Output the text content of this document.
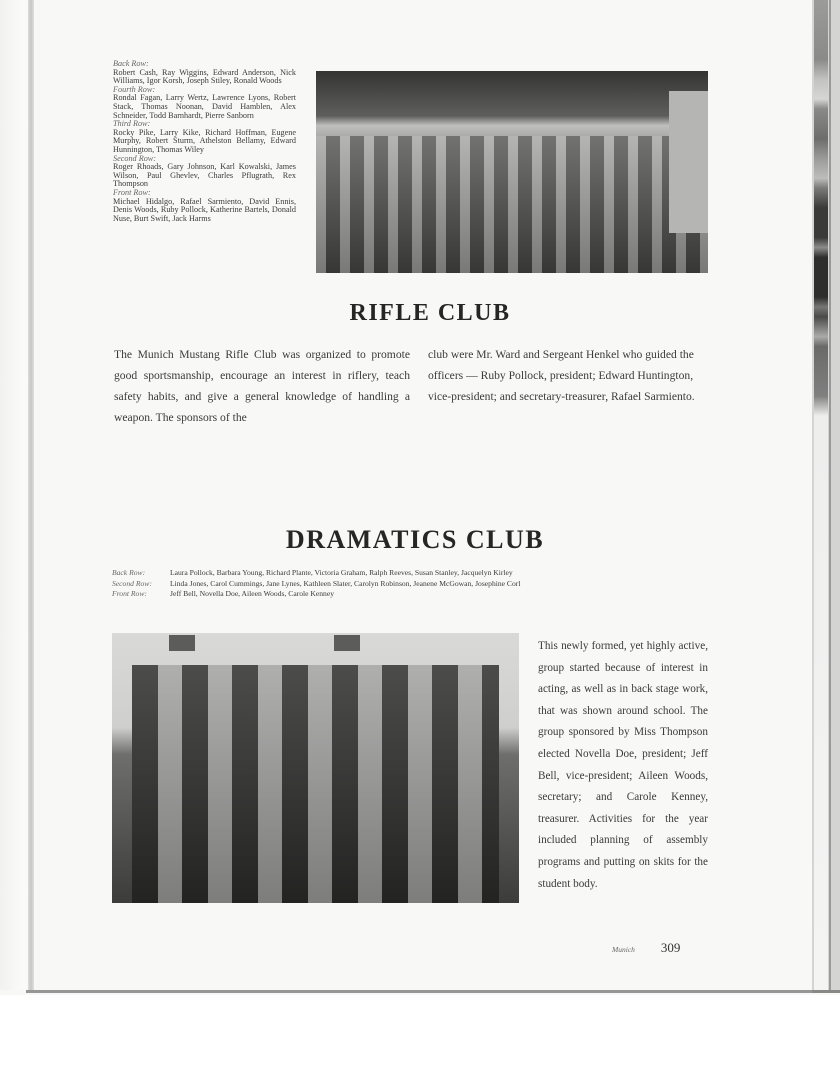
Back Row:
Robert Cash, Ray Wiggins, Edward Anderson, Nick Williams, Igor Korsh, Joseph Stiley, Ronald Woods
Fourth Row:
Rondal Fagan, Larry Wertz, Lawrence Lyons, Robert Stack, Thomas Noonan, David Hamblen, Alex Schneider, Todd Barnhardt, Pierre Sanborn
Third Row:
Rocky Pike, Larry Kike, Richard Hoffman, Eugene Murphy, Robert Sturm, Athelston Bellamy, Edward Hunnington, Thomas Wiley
Second Row:
Roger Rhoads, Gary Johnson, Karl Kowalski, James Wilson, Paul Ghevlev, Charles Pflugrath, Rex Thompson
Front Row:
Michael Hidalgo, Rafael Sarmiento, David Ennis, Denis Woods, Ruby Pollock, Katherine Bartels, Donald Nuse, Burt Swift, Jack Harms
RIFLE CLUB

The Munich Mustang Rifle Club was organized to promote good sportsmanship, encourage an interest in riflery, teach safety habits, and give a general knowledge of handling a weapon. The sponsors of the

club were Mr. Ward and Sergeant Henkel who guided the officers — Ruby Pollock, president; Edward Huntington, vice-president; and secretary-treasurer, Rafael Sarmiento.

DRAMATICS CLUB
Back Row:	Laura Pollock, Barbara Young, Richard Plante, Victoria Graham, Ralph Reeves, Susan Stanley, Jacquelyn Kirley
Second Row:	Linda Jones, Carol Cummings, Jane Lynes, Kathleen Slater, Carolyn Robinson, Jeanene McGowan, Josephine Corl
Front Row:	Jeff Bell, Novella Doe, Aileen Woods, Carole Kenney

This newly formed, yet highly active, group started because of interest in acting, as well as in back stage work, that was shown around school. The group sponsored by Miss Thompson elected Novella Doe, president; Jeff Bell, vice-president; Aileen Woods, secretary; and Carole Kenney, treasurer. Activities for the year included planning of assembly programs and putting on skits for the student body.

Munich 309
